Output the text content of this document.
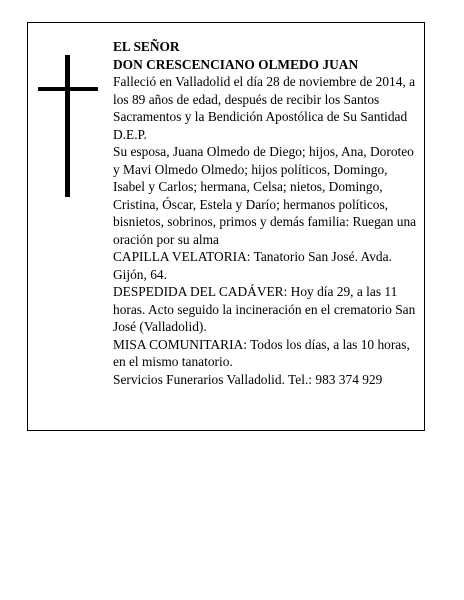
EL SEÑOR

DON CRESCENCIANO OLMEDO JUAN

Falleció en Valladolid el día 28 de noviembre de 2014, a los 89 años de edad, después de recibir los Santos Sacramentos y la Bendición Apostólica de Su Santidad D.E.P.

Su esposa, Juana Olmedo de Diego; hijos, Ana, Doroteo y Mavi Olmedo Olmedo; hijos políticos, Domingo, Isabel y Carlos; hermana, Celsa; nietos, Domingo, Cristina, Óscar, Estela y Darío; hermanos políticos, bisnietos, sobrinos, primos y demás familia: Ruegan una oración por su alma

CAPILLA VELATORIA: Tanatorio San José. Avda. Gijón, 64.

DESPEDIDA DEL CADÁVER: Hoy día 29, a las 11 horas. Acto seguido la incineración en el crematorio San José (Valladolid).

MISA COMUNITARIA: Todos los días, a las 10 horas, en el mismo tanatorio.

Servicios Funerarios Valladolid. Tel.: 983 374 929
